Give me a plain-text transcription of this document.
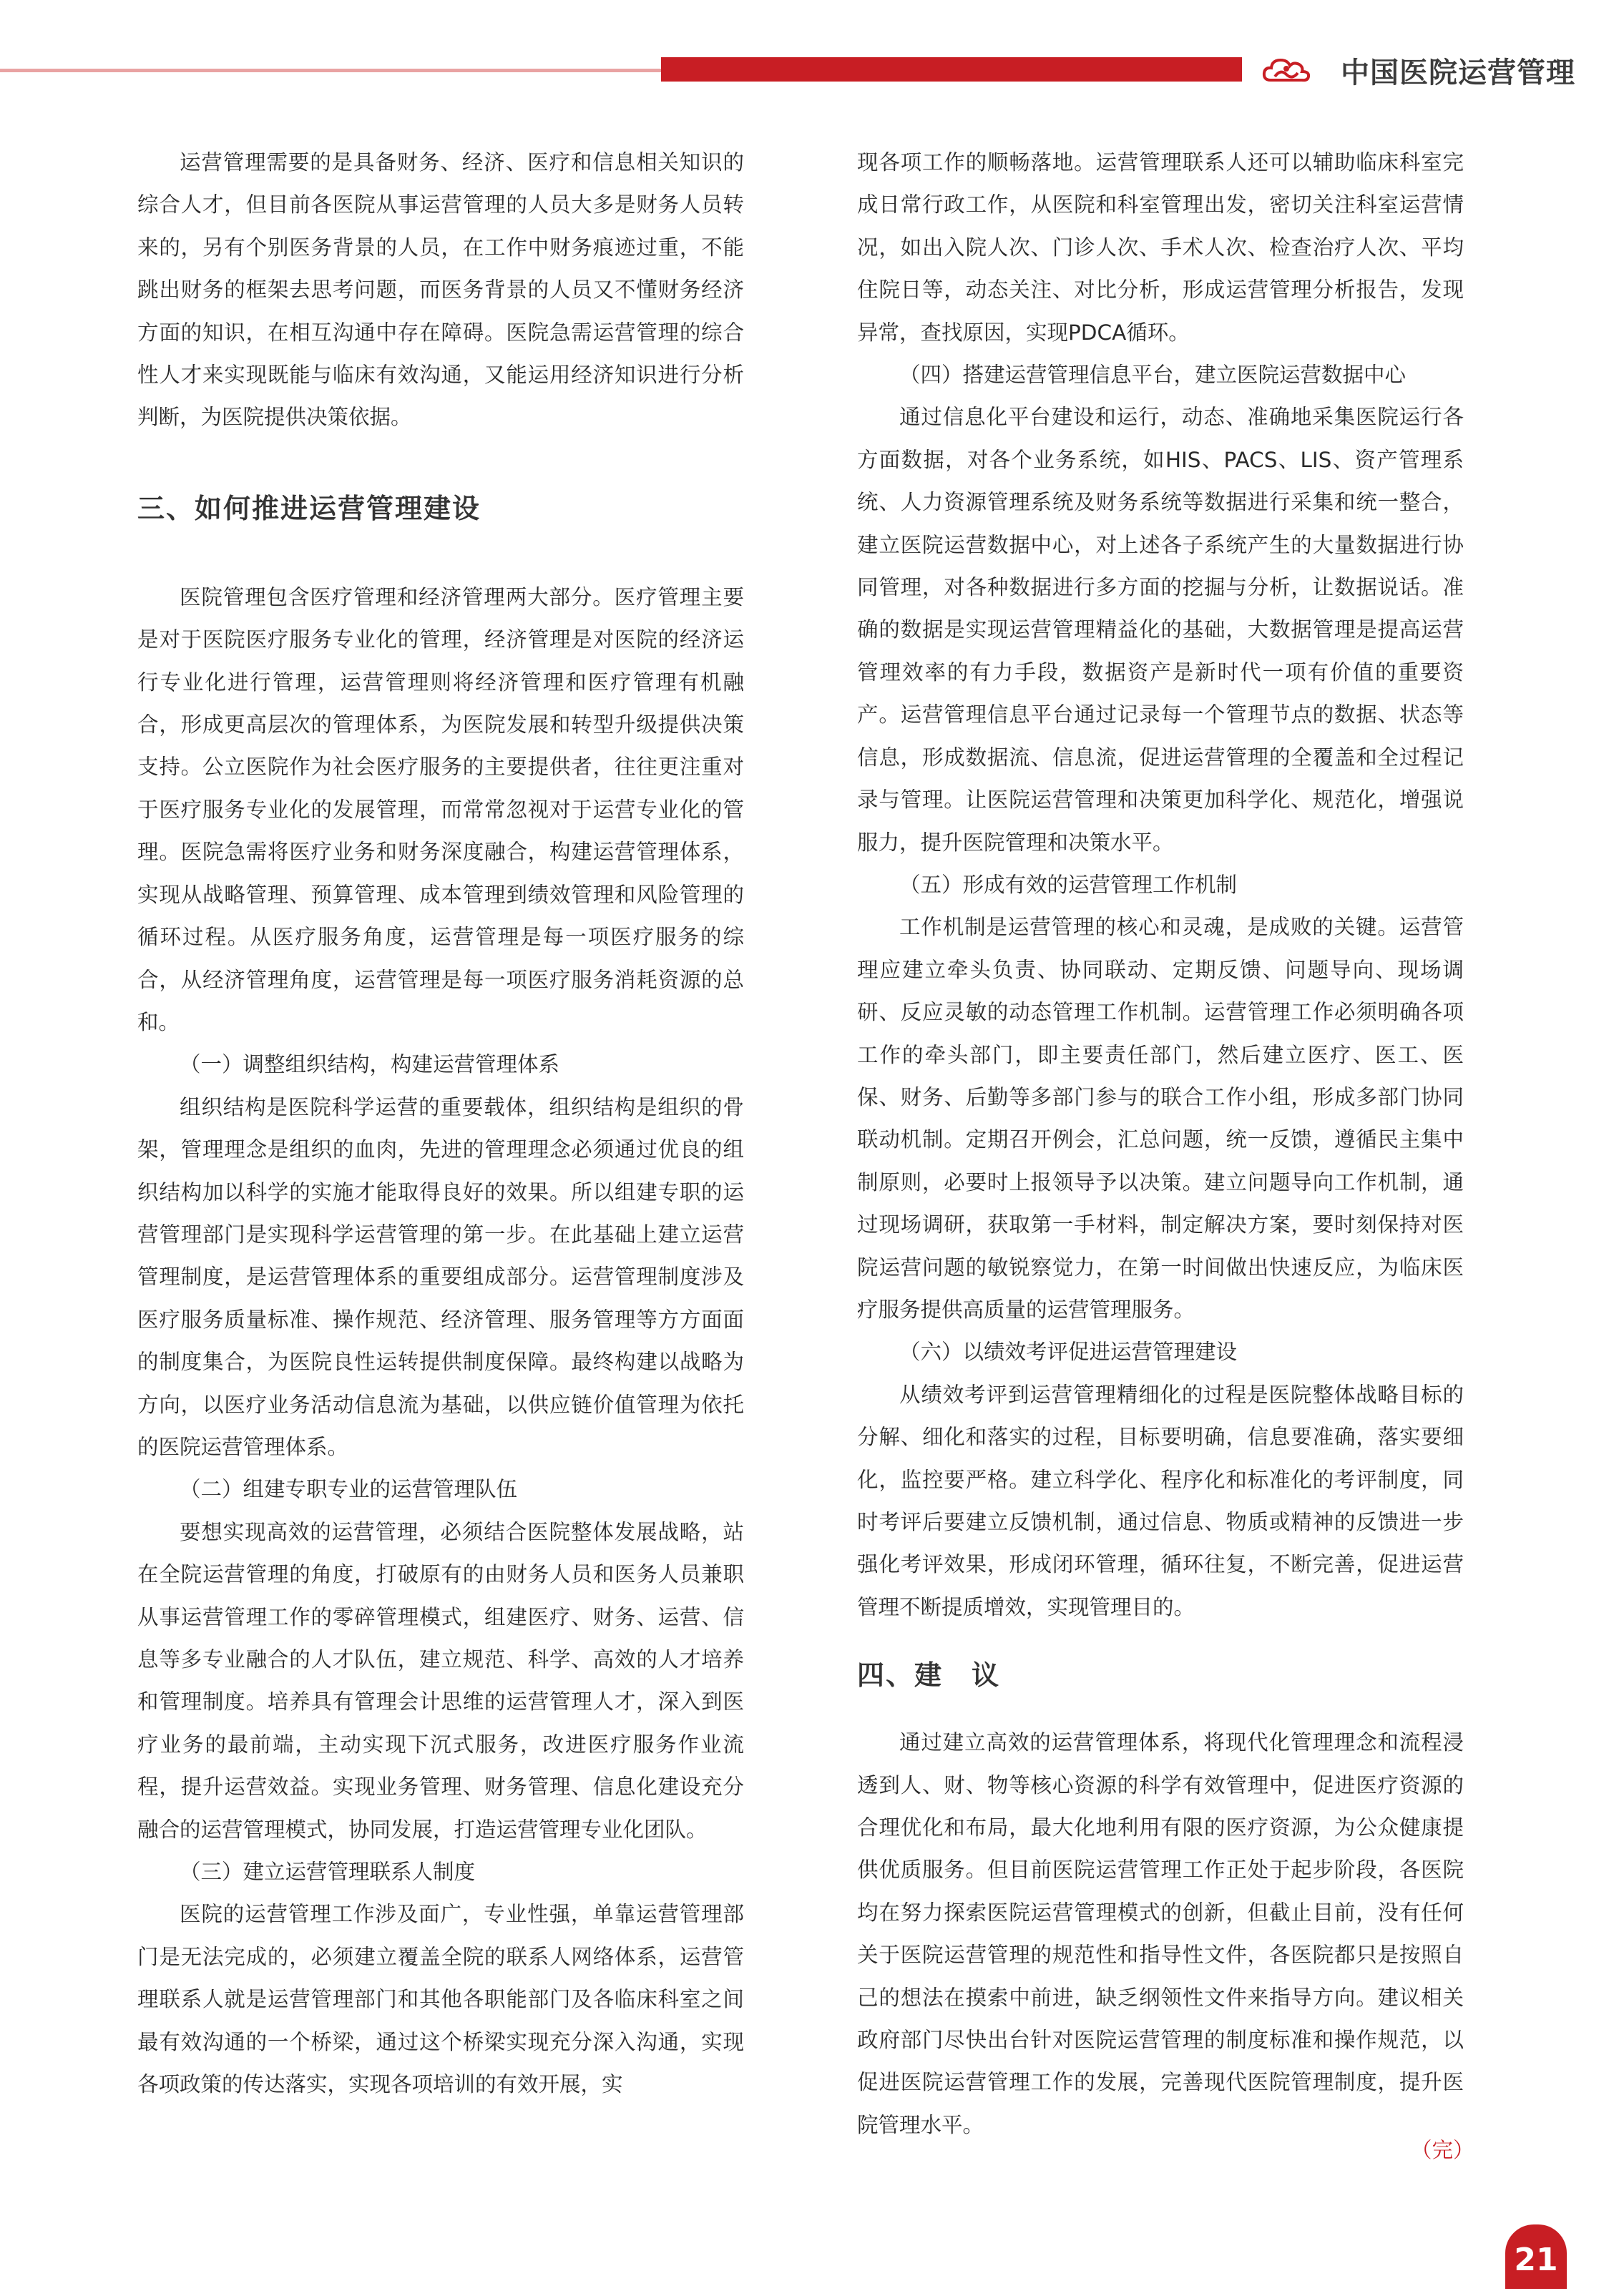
中国医院运营管理

运营管理需要的是具备财务、经济、医疗和信息相关知识的综合人才，但目前各医院从事运营管理的人员大多是财务人员转来的，另有个别医务背景的人员，在工作中财务痕迹过重，不能跳出财务的框架去思考问题，而医务背景的人员又不懂财务经济方面的知识，在相互沟通中存在障碍。医院急需运营管理的综合性人才来实现既能与临床有效沟通，又能运用经济知识进行分析判断，为医院提供决策依据。

三、如何推进运营管理建设

医院管理包含医疗管理和经济管理两大部分。医疗管理主要是对于医院医疗服务专业化的管理，经济管理是对医院的经济运行专业化进行管理，运营管理则将经济管理和医疗管理有机融合，形成更高层次的管理体系，为医院发展和转型升级提供决策支持。公立医院作为社会医疗服务的主要提供者，往往更注重对于医疗服务专业化的发展管理，而常常忽视对于运营专业化的管理。医院急需将医疗业务和财务深度融合，构建运营管理体系，实现从战略管理、预算管理、成本管理到绩效管理和风险管理的循环过程。从医疗服务角度，运营管理是每一项医疗服务的综合，从经济管理角度，运营管理是每一项医疗服务消耗资源的总和。

（一）调整组织结构，构建运营管理体系

组织结构是医院科学运营的重要载体，组织结构是组织的骨架，管理理念是组织的血肉，先进的管理理念必须通过优良的组织结构加以科学的实施才能取得良好的效果。所以组建专职的运营管理部门是实现科学运营管理的第一步。在此基础上建立运营管理制度，是运营管理体系的重要组成部分。运营管理制度涉及医疗服务质量标准、操作规范、经济管理、服务管理等方方面面的制度集合，为医院良性运转提供制度保障。最终构建以战略为方向，以医疗业务活动信息流为基础，以供应链价值管理为依托的医院运营管理体系。

（二）组建专职专业的运营管理队伍

要想实现高效的运营管理，必须结合医院整体发展战略，站在全院运营管理的角度，打破原有的由财务人员和医务人员兼职从事运营管理工作的零碎管理模式，组建医疗、财务、运营、信息等多专业融合的人才队伍，建立规范、科学、高效的人才培养和管理制度。培养具有管理会计思维的运营管理人才，深入到医疗业务的最前端，主动实现下沉式服务，改进医疗服务作业流程，提升运营效益。实现业务管理、财务管理、信息化建设充分融合的运营管理模式，协同发展，打造运营管理专业化团队。

（三）建立运营管理联系人制度

医院的运营管理工作涉及面广，专业性强，单靠运营管理部门是无法完成的，必须建立覆盖全院的联系人网络体系，运营管理联系人就是运营管理部门和其他各职能部门及各临床科室之间最有效沟通的一个桥梁，通过这个桥梁实现充分深入沟通，实现各项政策的传达落实，实现各项培训的有效开展，实

现各项工作的顺畅落地。运营管理联系人还可以辅助临床科室完成日常行政工作，从医院和科室管理出发，密切关注科室运营情况，如出入院人次、门诊人次、手术人次、检查治疗人次、平均住院日等，动态关注、对比分析，形成运营管理分析报告，发现异常，查找原因，实现PDCA循环。

（四）搭建运营管理信息平台，建立医院运营数据中心

通过信息化平台建设和运行，动态、准确地采集医院运行各方面数据，对各个业务系统，如HIS、PACS、LIS、资产管理系统、人力资源管理系统及财务系统等数据进行采集和统一整合，建立医院运营数据中心，对上述各子系统产生的大量数据进行协同管理，对各种数据进行多方面的挖掘与分析，让数据说话。准确的数据是实现运营管理精益化的基础，大数据管理是提高运营管理效率的有力手段，数据资产是新时代一项有价值的重要资产。运营管理信息平台通过记录每一个管理节点的数据、状态等信息，形成数据流、信息流，促进运营管理的全覆盖和全过程记录与管理。让医院运营管理和决策更加科学化、规范化，增强说服力，提升医院管理和决策水平。

（五）形成有效的运营管理工作机制

工作机制是运营管理的核心和灵魂，是成败的关键。运营管理应建立牵头负责、协同联动、定期反馈、问题导向、现场调研、反应灵敏的动态管理工作机制。运营管理工作必须明确各项工作的牵头部门，即主要责任部门，然后建立医疗、医工、医保、财务、后勤等多部门参与的联合工作小组，形成多部门协同联动机制。定期召开例会，汇总问题，统一反馈，遵循民主集中制原则，必要时上报领导予以决策。建立问题导向工作机制，通过现场调研，获取第一手材料，制定解决方案，要时刻保持对医院运营问题的敏锐察觉力，在第一时间做出快速反应，为临床医疗服务提供高质量的运营管理服务。

（六）以绩效考评促进运营管理建设

从绩效考评到运营管理精细化的过程是医院整体战略目标的分解、细化和落实的过程，目标要明确，信息要准确，落实要细化，监控要严格。建立科学化、程序化和标准化的考评制度，同时考评后要建立反馈机制，通过信息、物质或精神的反馈进一步强化考评效果，形成闭环管理，循环往复，不断完善，促进运营管理不断提质增效，实现管理目的。

四、建　议

通过建立高效的运营管理体系，将现代化管理理念和流程浸透到人、财、物等核心资源的科学有效管理中，促进医疗资源的合理优化和布局，最大化地利用有限的医疗资源，为公众健康提供优质服务。但目前医院运营管理工作正处于起步阶段，各医院均在努力探索医院运营管理模式的创新，但截止目前，没有任何关于医院运营管理的规范性和指导性文件，各医院都只是按照自己的想法在摸索中前进，缺乏纲领性文件来指导方向。建议相关政府部门尽快出台针对医院运营管理的制度标准和操作规范，以促进医院运营管理工作的发展，完善现代医院管理制度，提升医院管理水平。

（完）
21
